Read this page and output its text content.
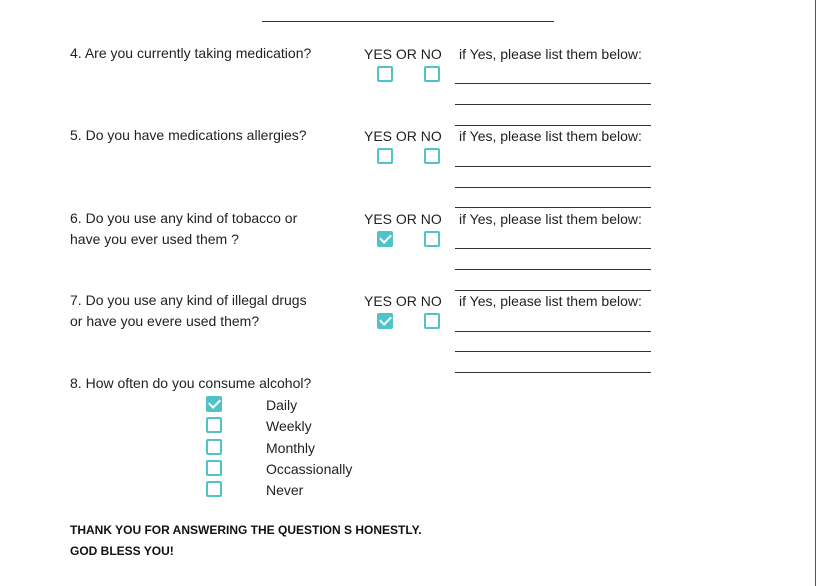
4. Are you currently taking medication?	YES OR NO if Yes, please list them below:

5. Do you have medications allergies?	YES OR NO if Yes, please list them below:

6. Do you use any kind of tobacco or
have you ever used them ?

YES OR NO if Yes, please list them below:

7. Do you use any kind of illegal drugs
or have you evere used them?

YES OR NO if Yes, please list them below:

8. How often do you consume alcohol?

Daily
Weekly
Monthly
Occassionally
Never
THANK YOU FOR ANSWERING THE QUESTION S HONESTLY.
GOD BLESS YOU!
